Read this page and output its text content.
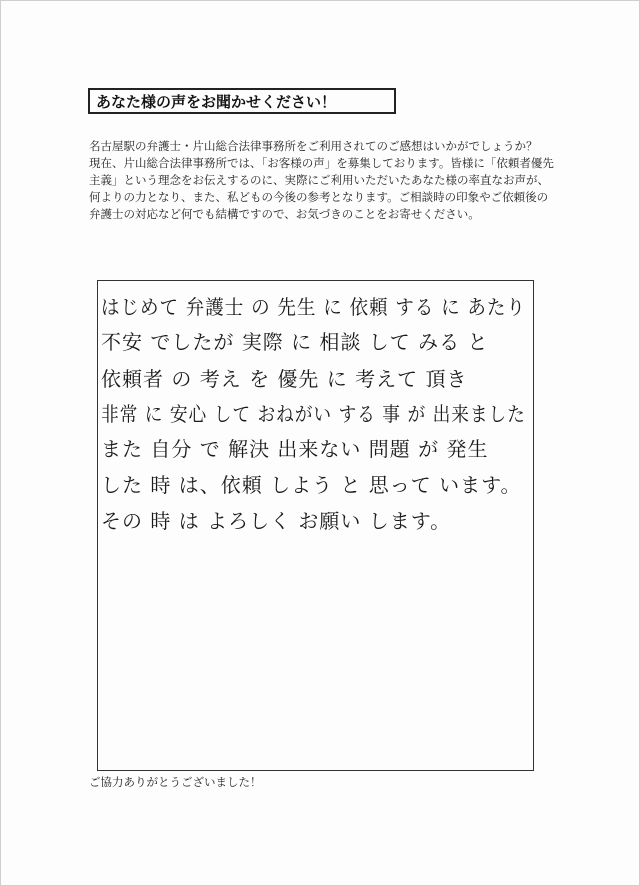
あなた様の声をお聞かせください！

名古屋駅の弁護士・片山総合法律事務所をご利用されてのご感想はいかがでしょうか？

現在、片山総合法律事務所では、「お客様の声」を募集しております。皆様に「依頼者優先主義」という理念をお伝えするのに、実際にご利用いただいたあなた様の率直なお声が、何よりの力となり、また、私どもの今後の参考となります。ご相談時の印象やご依頼後の弁護士の対応など何でも結構ですので、お気づきのことをお寄せください。

はじめて 弁護士 の 先生 に 依頼 する に あたり
不安 でしたが 実際 に 相談 して みる と
依頼者 の 考え を 優先 に 考えて 頂き
非常 に 安心 して おねがい する 事 が 出来ました
また 自分 で 解決 出来ない 問題 が 発生
した 時 は、依頼 しよう と 思って います。
その 時 は よろしく お願い します。
ご協力ありがとうございました！
